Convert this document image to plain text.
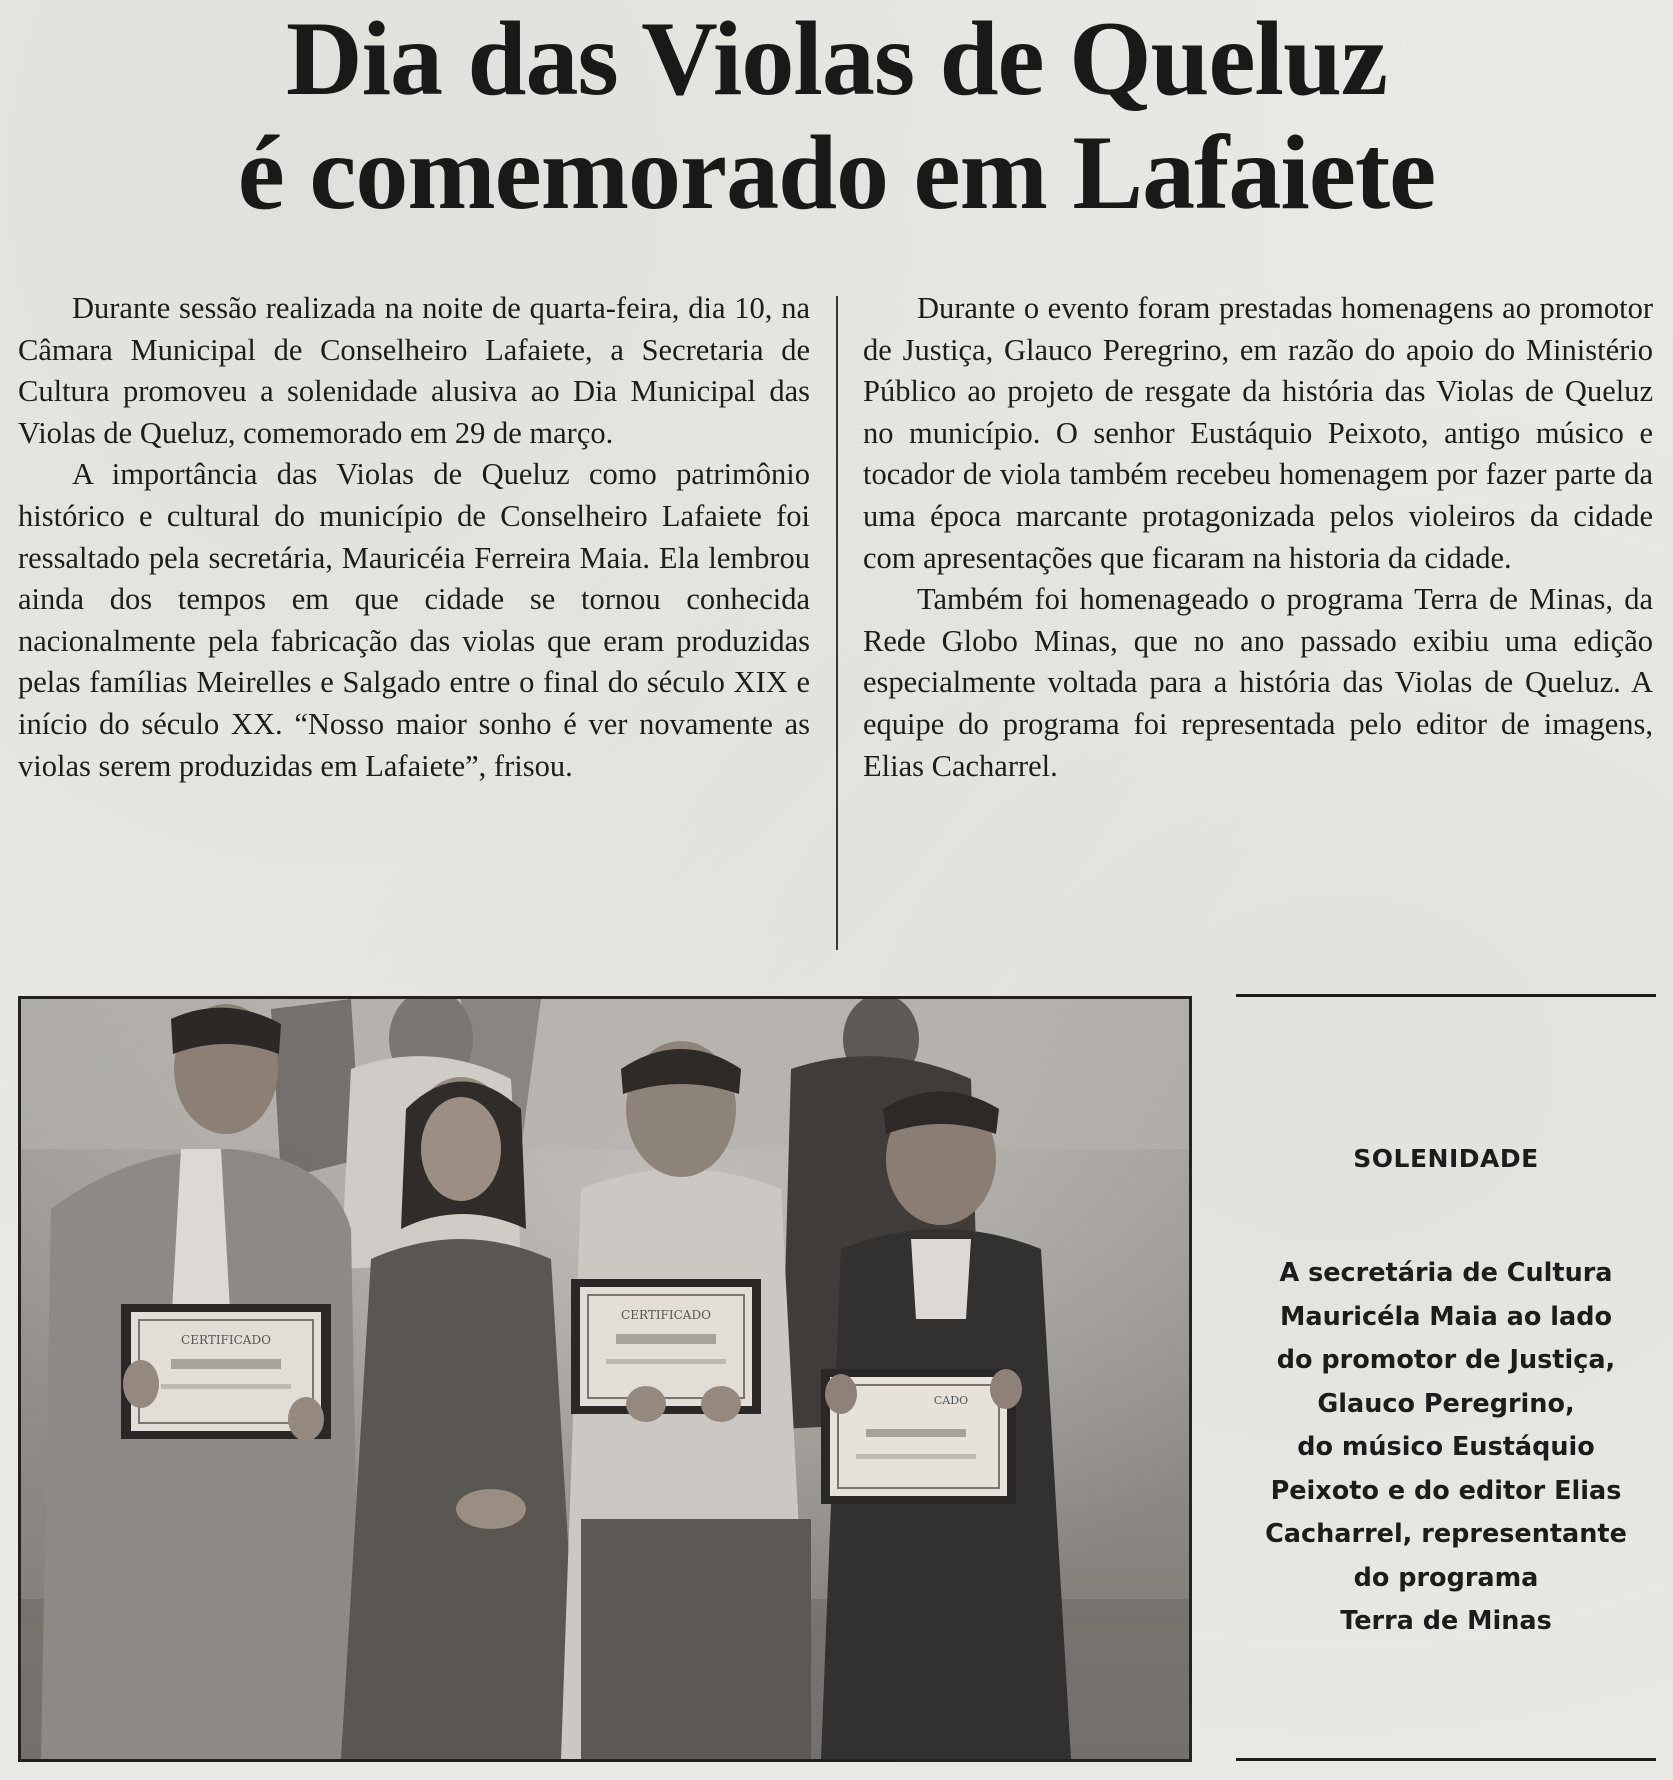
Dia das Violas de Queluz
é comemorado em Lafaiete

Durante sessão realizada na noite de quarta-feira, dia 10, na Câmara Municipal de Conselheiro Lafaiete, a Secretaria de Cultura promoveu a solenidade alusiva ao Dia Municipal das Violas de Queluz, comemorado em 29 de março.

A importância das Violas de Queluz como patrimônio histórico e cultural do município de Conselheiro Lafaiete foi ressaltado pela secretária, Mauricéia Ferreira Maia. Ela lembrou ainda dos tempos em que cidade se tornou conhecida nacionalmente pela fabricação das violas que eram produzidas pelas famílias Meirelles e Salgado entre o final do século XIX e início do século XX. “Nosso maior sonho é ver novamente as violas serem produzidas em Lafaiete”, frisou.

Durante o evento foram prestadas homenagens ao promotor de Justiça, Glauco Peregrino, em razão do apoio do Ministério Público ao projeto de resgate da história das Violas de Queluz no município. O senhor Eustáquio Peixoto, antigo músico e tocador de viola também recebeu homenagem por fazer parte da uma época marcante protagonizada pelos violeiros da cidade com apresentações que ficaram na historia da cidade.

Também foi homenageado o programa Terra de Minas, da Rede Globo Minas, que no ano passado exibiu uma edição especialmente voltada para a história das Violas de Queluz. A equipe do programa foi representada pelo editor de imagens, Elias Cacharrel.

CERTIFICADO
CERTIFICADO
CADO
SOLENIDADE
A secretária de Cultura
Mauricéla Maia ao lado
do promotor de Justiça,
Glauco Peregrino,
do músico Eustáquio
Peixoto e do editor Elias
Cacharrel, representante
do programa
Terra de Minas
